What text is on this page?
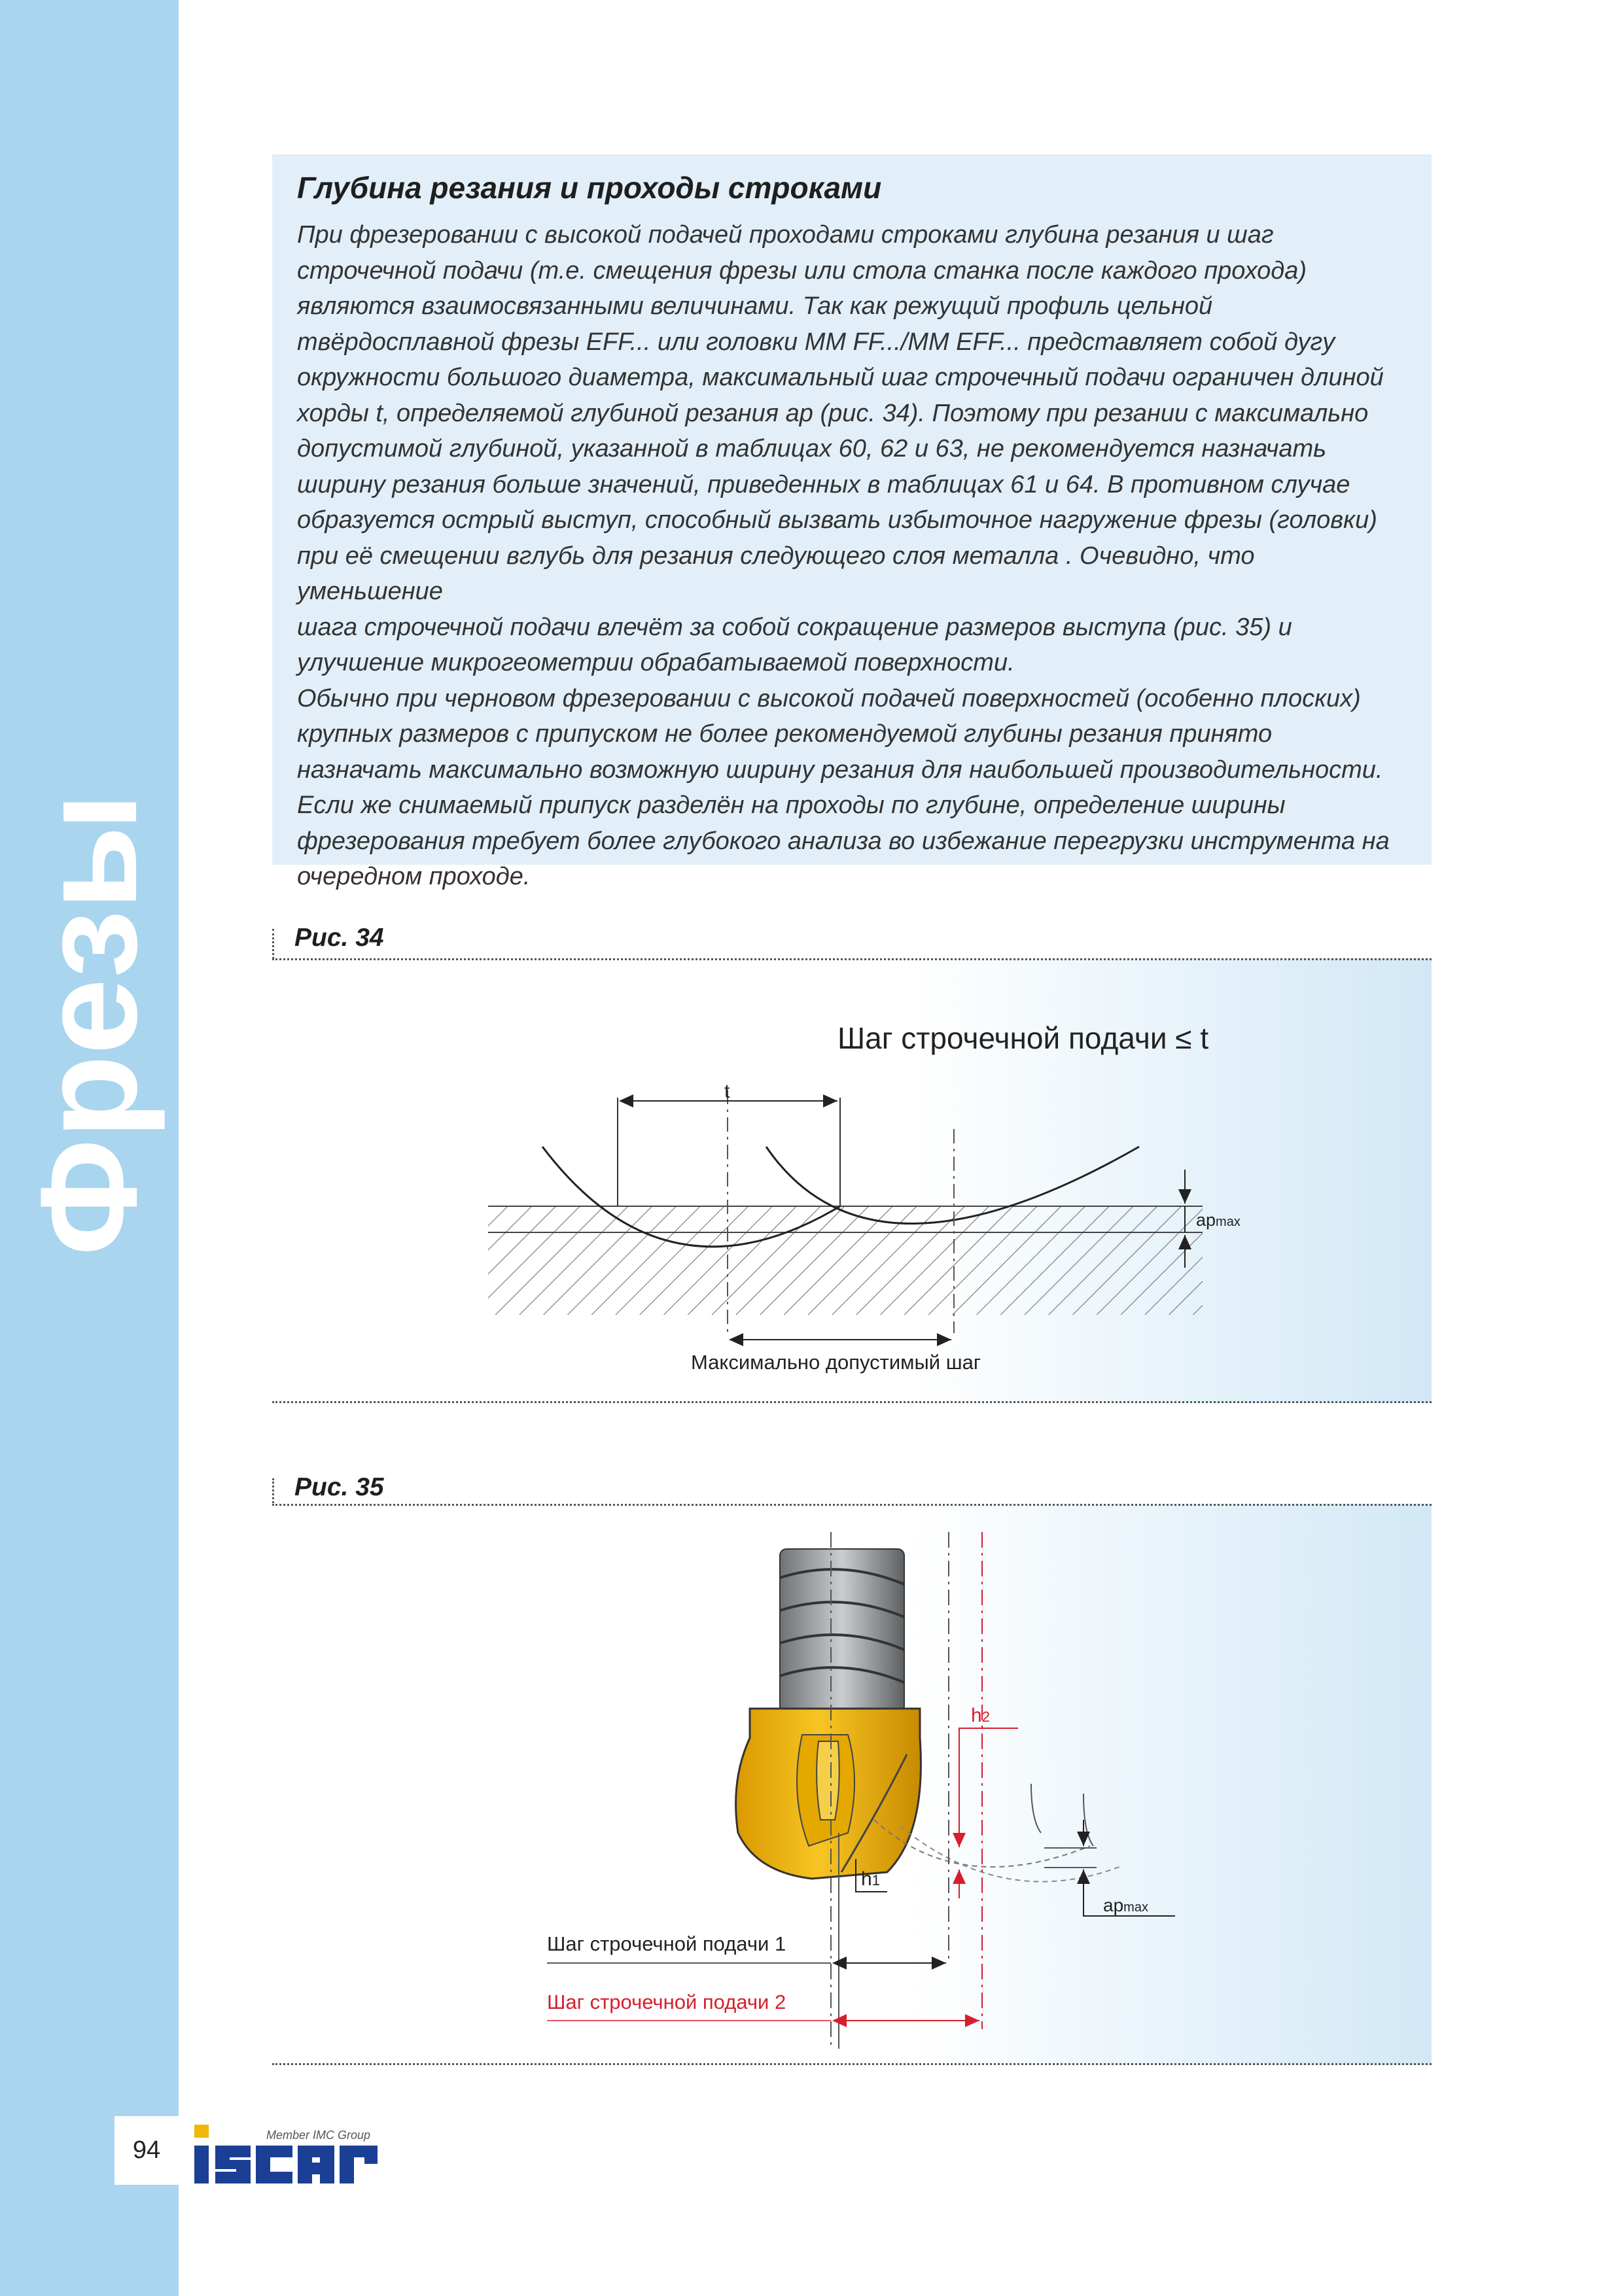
Фрезы
Глубина резания и проходы строками

При фрезеровании с высокой подачей проходами строками глубина резания и шаг
строчечной подачи (т.е. смещения фрезы или стола станка после каждого прохода)
являются взаимосвязанными величинами. Так как режущий профиль цельной
твёрдосплавной фрезы EFF... или головки MM FF.../MM EFF... представляет собой дугу
окружности большого диаметра, максимальный шаг строчечный подачи ограничен длиной
хорды t, определяемой глубиной резания ap (рис. 34). Поэтому при резании с максимально
допустимой глубиной, указанной в таблицах 60, 62 и 63, не рекомендуется назначать
ширину резания больше значений, приведенных в таблицах 61 и 64. В противном случае
образуется острый выступ, способный вызвать избыточное нагружение фрезы (головки)
при её смещении вглубь для резания следующего слоя металла . Очевидно, что уменьшение
шага строчечной подачи влечёт за собой сокращение размеров выступа (рис. 35) и
улучшение микрогеометрии обрабатываемой поверхности.
Обычно при черновом фрезеровании с высокой подачей поверхностей (особенно плоских)
крупных размеров с припуском не более рекомендуемой глубины резания принято
назначать максимально возможную ширину резания для наибольшей производительности.
Если же снимаемый припуск разделён на проходы по глубине, определение ширины
фрезерования требует более глубокого анализа во избежание перегрузки инструмента на
очередном проходе.

Рис. 34
Шаг строчечной подачи ≤ t
t
apmax
Максимально допустимый шаг
Рис. 35
h2
h1
apmax
Шаг строчечной подачи 1
Шаг строчечной подачи 2
94
Member IMC Group
